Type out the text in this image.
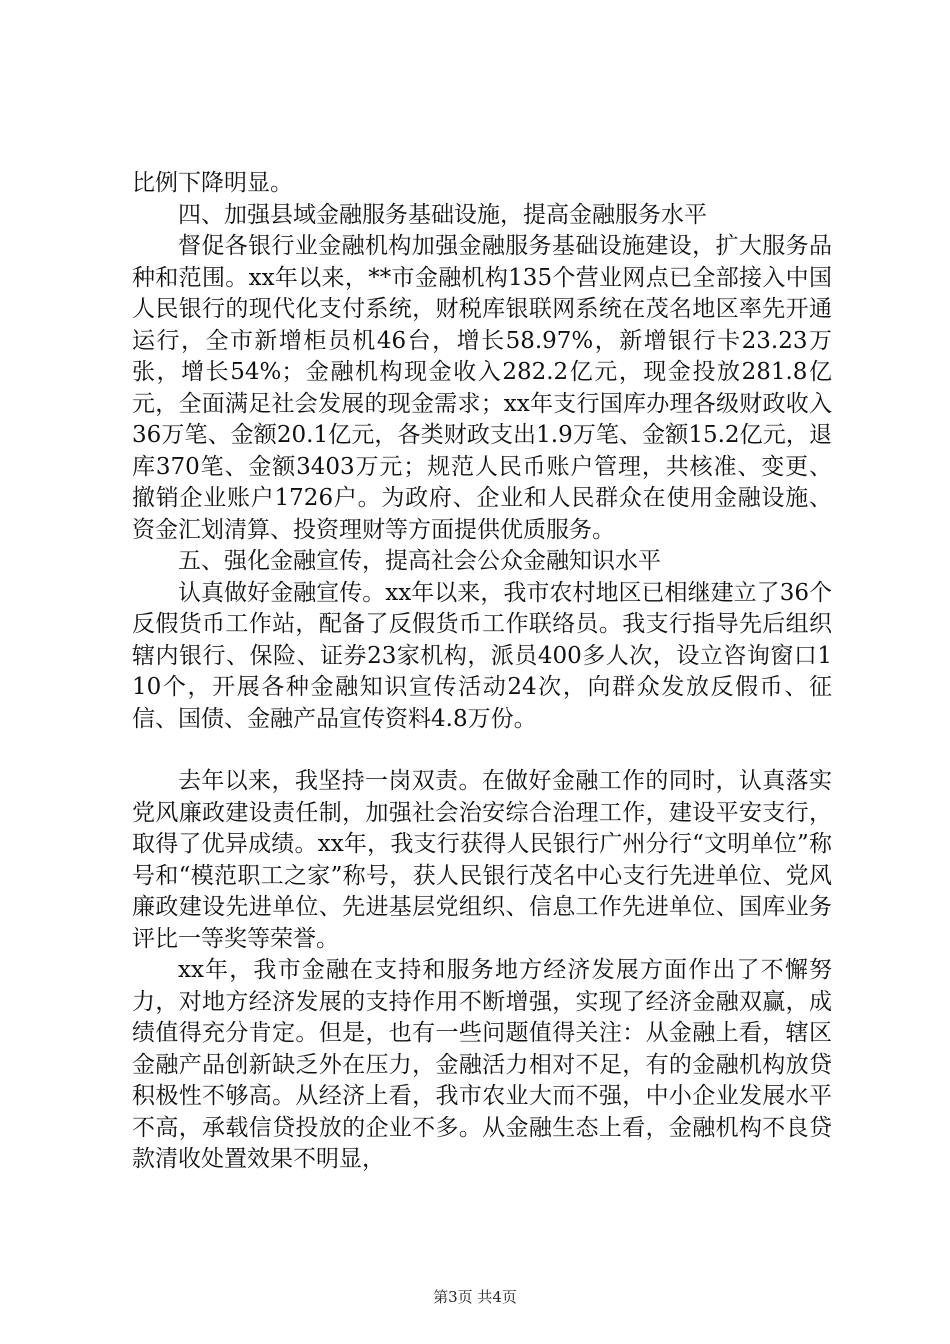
比例下降明显。

四、加强县域金融服务基础设施，提高金融服务水平

督促各银行业金融机构加强金融服务基础设施建设，扩大服务品种和范围。xx年以来，**市金融机构135个营业网点已全部接入中国人民银行的现代化支付系统，财税库银联网系统在茂名地区率先开通运行，全市新增柜员机46台，增长58.97%，新增银行卡23.23万张，增长54%；金融机构现金收入282.2亿元，现金投放281.8亿元，全面满足社会发展的现金需求；xx年支行国库办理各级财政收入36万笔、金额20.1亿元，各类财政支出1.9万笔、金额15.2亿元，退库370笔、金额3403万元；规范人民币账户管理，共核准、变更、撤销企业账户1726户。为政府、企业和人民群众在使用金融设施、资金汇划清算、投资理财等方面提供优质服务。

五、强化金融宣传，提高社会公众金融知识水平

认真做好金融宣传。xx年以来，我市农村地区已相继建立了36个反假货币工作站，配备了反假货币工作联络员。我支行指导先后组织辖内银行、保险、证券23家机构，派员400多人次，设立咨询窗口110个，开展各种金融知识宣传活动24次，向群众发放反假币、征信、国债、金融产品宣传资料4.8万份。

去年以来，我坚持一岗双责。在做好金融工作的同时，认真落实党风廉政建设责任制，加强社会治安综合治理工作，建设平安支行，取得了优异成绩。xx年，我支行获得人民银行广州分行“文明单位”称号和“模范职工之家”称号，获人民银行茂名中心支行先进单位、党风廉政建设先进单位、先进基层党组织、信息工作先进单位、国库业务评比一等奖等荣誉。

xx年，我市金融在支持和服务地方经济发展方面作出了不懈努力，对地方经济发展的支持作用不断增强，实现了经济金融双赢，成绩值得充分肯定。但是，也有一些问题值得关注：从金融上看，辖区金融产品创新缺乏外在压力，金融活力相对不足，有的金融机构放贷积极性不够高。从经济上看，我市农业大而不强，中小企业发展水平不高，承载信贷投放的企业不多。从金融生态上看，金融机构不良贷款清收处置效果不明显，

第3页 共4页
